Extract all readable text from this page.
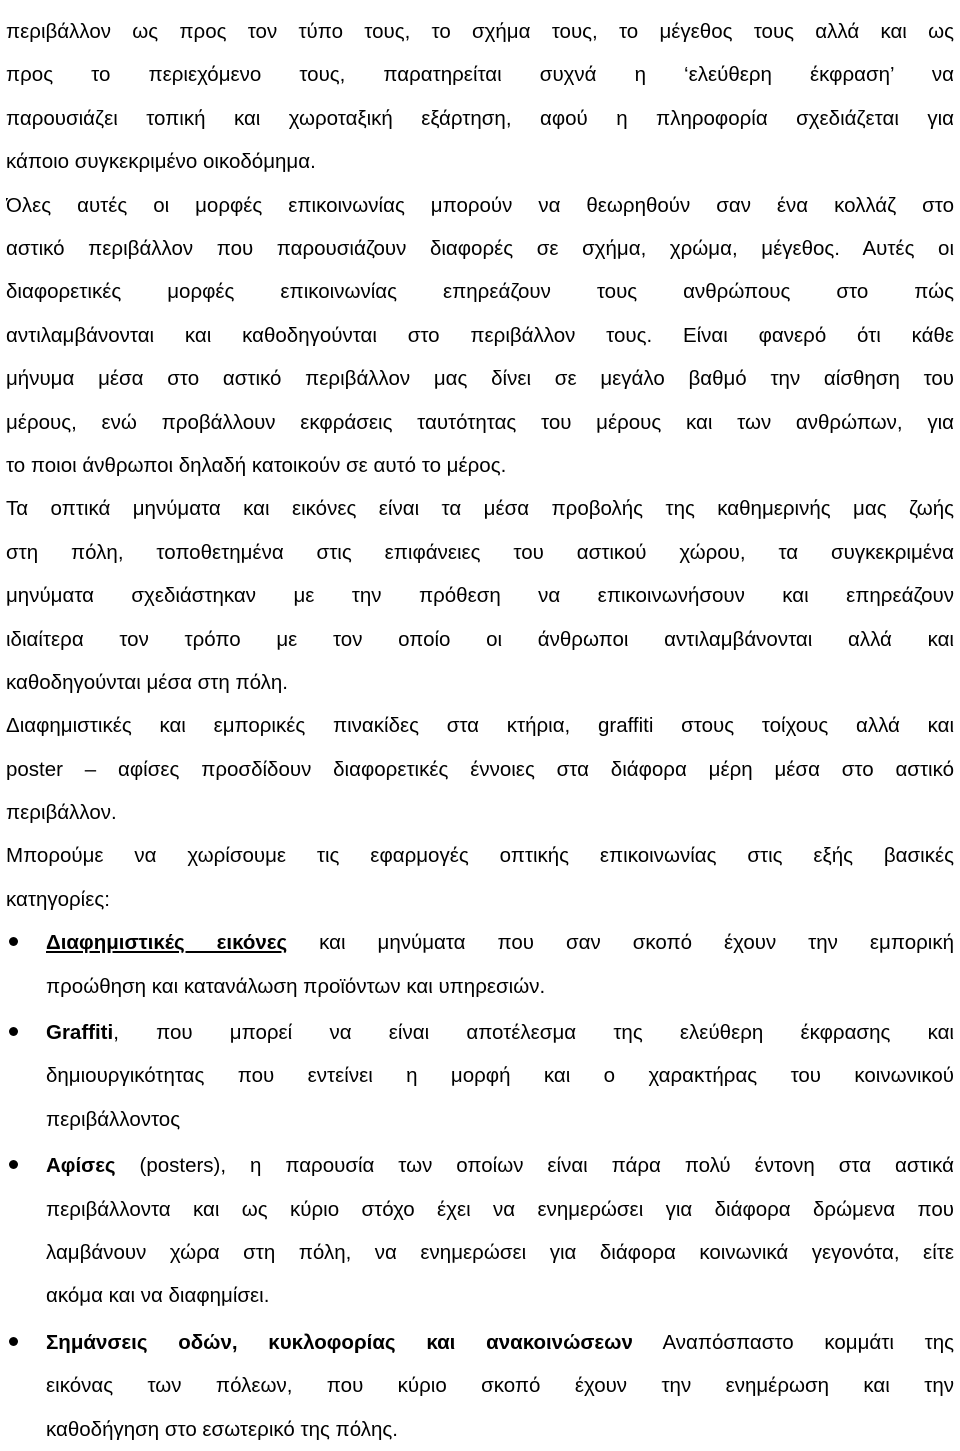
περιβάλλον ως προς τον τύπο τους, το σχήμα τους, το μέγεθος τους αλλά και ως
προς το περιεχόμενο τους, παρατηρείται συχνά η ‘ελεύθερη έκφραση’ να
παρουσιάζει τοπική και χωροταξική εξάρτηση, αφού η πληροφορία σχεδιάζεται για
κάποιο συγκεκριμένο οικοδόμημα.

Όλες αυτές οι μορφές επικοινωνίας μπορούν να θεωρηθούν σαν ένα κολλάζ στο
αστικό περιβάλλον που παρουσιάζουν διαφορές σε σχήμα, χρώμα, μέγεθος. Αυτές οι
διαφορετικές μορφές επικοινωνίας επηρεάζουν τους ανθρώπους στο πώς
αντιλαμβάνονται και καθοδηγούνται στο περιβάλλον τους. Είναι φανερό ότι κάθε
μήνυμα μέσα στο αστικό περιβάλλον μας δίνει σε μεγάλο βαθμό την αίσθηση του
μέρους, ενώ προβάλλουν εκφράσεις ταυτότητας του μέρους και των ανθρώπων, για
το ποιοι άνθρωποι δηλαδή κατοικούν σε αυτό το μέρος.

Τα οπτικά μηνύματα και εικόνες είναι τα μέσα προβολής της καθημερινής μας ζωής
στη πόλη, τοποθετημένα στις επιφάνειες του αστικού χώρου, τα συγκεκριμένα
μηνύματα σχεδιάστηκαν με την πρόθεση να επικοινωνήσουν και επηρεάζουν
ιδιαίτερα τον τρόπο με τον οποίο οι άνθρωποι αντιλαμβάνονται αλλά και
καθοδηγούνται μέσα στη πόλη.

Διαφημιστικές και εμπορικές πινακίδες στα κτήρια, graffiti στους τοίχους αλλά και
poster – αφίσες προσδίδουν διαφορετικές έννοιες στα διάφορα μέρη μέσα στο αστικό
περιβάλλον.

Μπορούμε να χωρίσουμε τις εφαρμογές οπτικής επικοινωνίας στις εξής βασικές
κατηγορίες:

Διαφημιστικές εικόνες και μηνύματα που σαν σκοπό έχουν την εμπορική
προώθηση και κατανάλωση προϊόντων και υπηρεσιών.
Graffiti, που μπορεί να είναι αποτέλεσμα της ελεύθερη έκφρασης και
δημιουργικότητας που εντείνει η μορφή και ο χαρακτήρας του κοινωνικού
περιβάλλοντος
Αφίσες (posters), η παρουσία των οποίων είναι πάρα πολύ έντονη στα αστικά
περιβάλλοντα και ως κύριο στόχο έχει να ενημερώσει για διάφορα δρώμενα που
λαμβάνουν χώρα στη πόλη, να ενημερώσει για διάφορα κοινωνικά γεγονότα, είτε
ακόμα και να διαφημίσει.
Σημάνσεις οδών, κυκλοφορίας και ανακοινώσεων Αναπόσπαστο κομμάτι της
εικόνας των πόλεων, που κύριο σκοπό έχουν την ενημέρωση και την
καθοδήγηση στο εσωτερικό της πόλης.
